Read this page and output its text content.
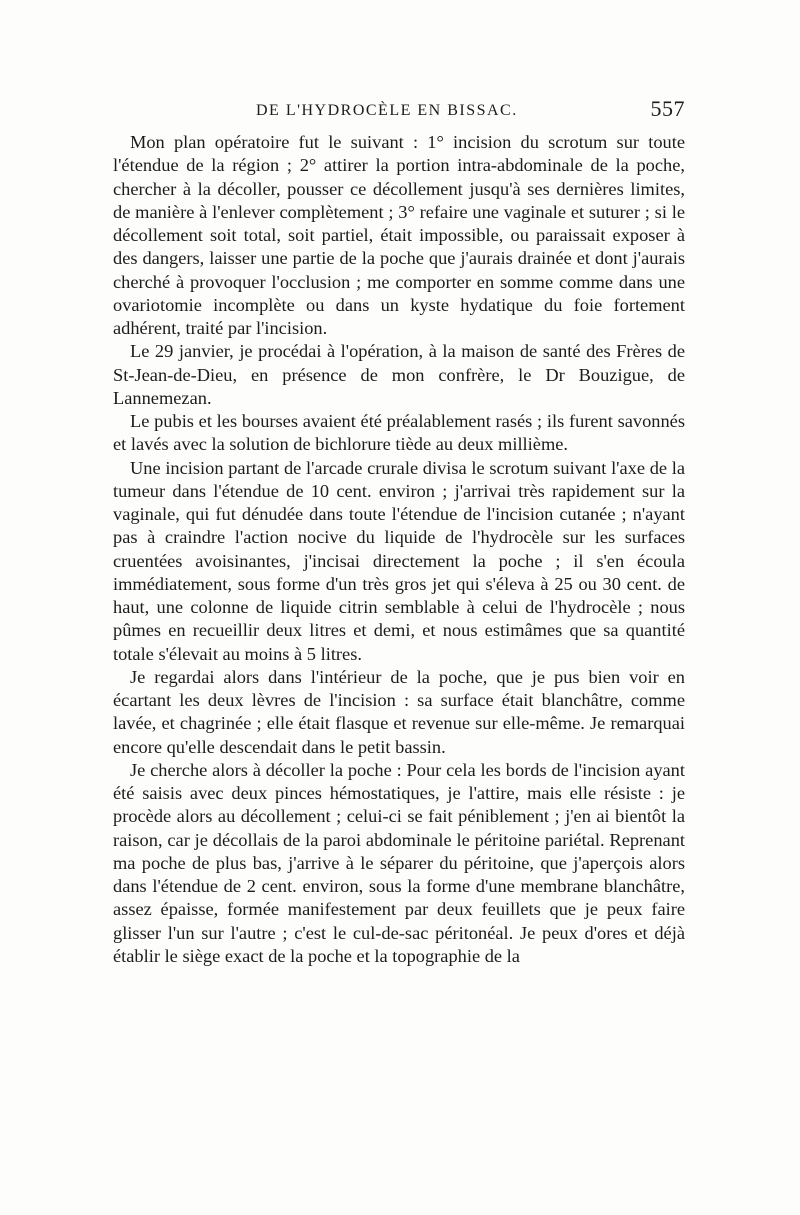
DE L'HYDROCÈLE EN BISSAC.	557

Mon plan opératoire fut le suivant : 1° incision du scrotum sur toute l'étendue de la région ; 2° attirer la portion intra-abdominale de la poche, chercher à la décoller, pousser ce décollement jusqu'à ses dernières limites, de manière à l'enlever complètement ; 3° refaire une vaginale et suturer ; si le décollement soit total, soit partiel, était impossible, ou paraissait exposer à des dangers, laisser une partie de la poche que j'aurais drainée et dont j'aurais cherché à provoquer l'occlusion ; me comporter en somme comme dans une ovariotomie incomplète ou dans un kyste hydatique du foie fortement adhérent, traité par l'incision.

Le 29 janvier, je procédai à l'opération, à la maison de santé des Frères de St-Jean-de-Dieu, en présence de mon confrère, le Dr Bouzigue, de Lannemezan.

Le pubis et les bourses avaient été préalablement rasés ; ils furent savonnés et lavés avec la solution de bichlorure tiède au deux millième.

Une incision partant de l'arcade crurale divisa le scrotum suivant l'axe de la tumeur dans l'étendue de 10 cent. environ ; j'arrivai très rapidement sur la vaginale, qui fut dénudée dans toute l'étendue de l'incision cutanée ; n'ayant pas à craindre l'action nocive du liquide de l'hydrocèle sur les surfaces cruentées avoisinantes, j'incisai directement la poche ; il s'en écoula immédiatement, sous forme d'un très gros jet qui s'éleva à 25 ou 30 cent. de haut, une colonne de liquide citrin semblable à celui de l'hydrocèle ; nous pûmes en recueillir deux litres et demi, et nous estimâmes que sa quantité totale s'élevait au moins à 5 litres.

Je regardai alors dans l'intérieur de la poche, que je pus bien voir en écartant les deux lèvres de l'incision : sa surface était blanchâtre, comme lavée, et chagrinée ; elle était flasque et revenue sur elle-même. Je remarquai encore qu'elle descendait dans le petit bassin.

Je cherche alors à décoller la poche : Pour cela les bords de l'incision ayant été saisis avec deux pinces hémostatiques, je l'attire, mais elle résiste : je procède alors au décollement ; celui-ci se fait péniblement ; j'en ai bientôt la raison, car je décollais de la paroi abdominale le péritoine pariétal. Reprenant ma poche de plus bas, j'arrive à le séparer du péritoine, que j'aperçois alors dans l'étendue de 2 cent. environ, sous la forme d'une membrane blanchâtre, assez épaisse, formée manifestement par deux feuillets que je peux faire glisser l'un sur l'autre ; c'est le cul-de-sac péritonéal. Je peux d'ores et déjà établir le siège exact de la poche et la topographie de la
